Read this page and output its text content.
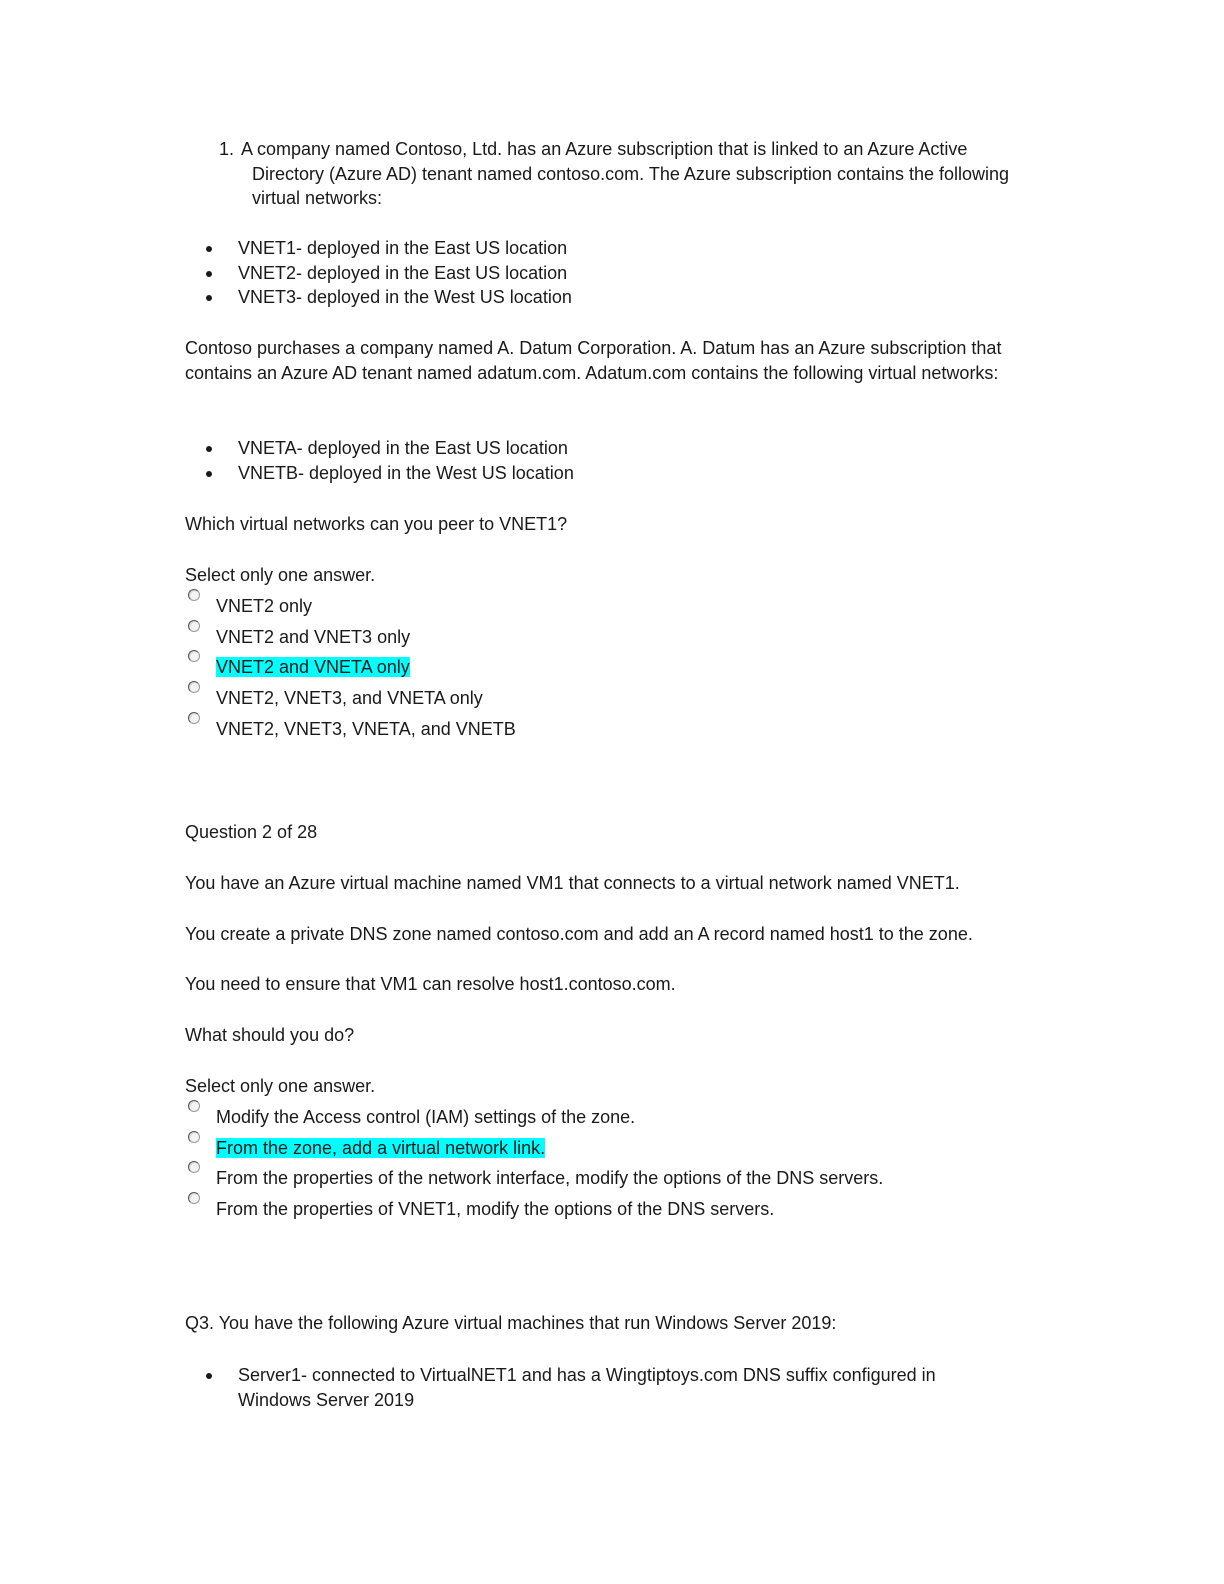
1. A company named Contoso, Ltd. has an Azure subscription that is linked to an Azure Active Directory (Azure AD) tenant named contoso.com. The Azure subscription contains the following virtual networks:
VNET1- deployed in the East US location
VNET2- deployed in the East US location
VNET3- deployed in the West US location
Contoso purchases a company named A. Datum Corporation. A. Datum has an Azure subscription that contains an Azure AD tenant named adatum.com. Adatum.com contains the following virtual networks:
VNETA- deployed in the East US location
VNETB- deployed in the West US location
Which virtual networks can you peer to VNET1?
Select only one answer.
VNET2 only
VNET2 and VNET3 only
VNET2 and VNETA only
VNET2, VNET3, and VNETA only
VNET2, VNET3, VNETA, and VNETB
Question 2 of 28
You have an Azure virtual machine named VM1 that connects to a virtual network named VNET1.
You create a private DNS zone named contoso.com and add an A record named host1 to the zone.
You need to ensure that VM1 can resolve host1.contoso.com.
What should you do?
Select only one answer.
Modify the Access control (IAM) settings of the zone.
From the zone, add a virtual network link.
From the properties of the network interface, modify the options of the DNS servers.
From the properties of VNET1, modify the options of the DNS servers.
Q3. You have the following Azure virtual machines that run Windows Server 2019:
Server1- connected to VirtualNET1 and has a Wingtiptoys.com DNS suffix configured in Windows Server 2019
